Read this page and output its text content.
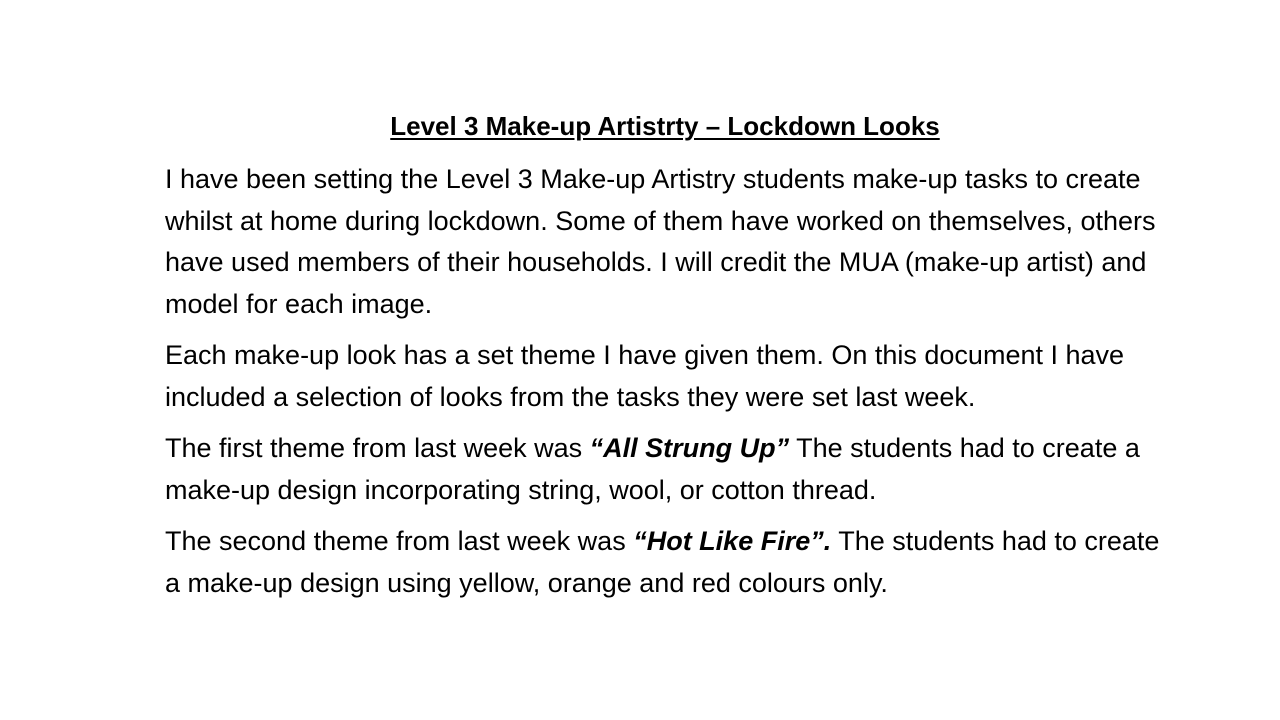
Level 3 Make-up Artistrty – Lockdown Looks

I have been setting the Level 3 Make-up Artistry students make-up tasks to create whilst at home during lockdown. Some of them have worked on themselves, others have used members of their households. I will credit the MUA (make-up artist) and model for each image.

Each make-up look has a set theme I have given them. On this document I have included a selection of looks from the tasks they were set last week.

The first theme from last week was “All Strung Up” The students had to create a make-up design incorporating string, wool, or cotton thread.

The second theme from last week was “Hot Like Fire”. The students had to create  a make-up design using yellow, orange and red colours only.
